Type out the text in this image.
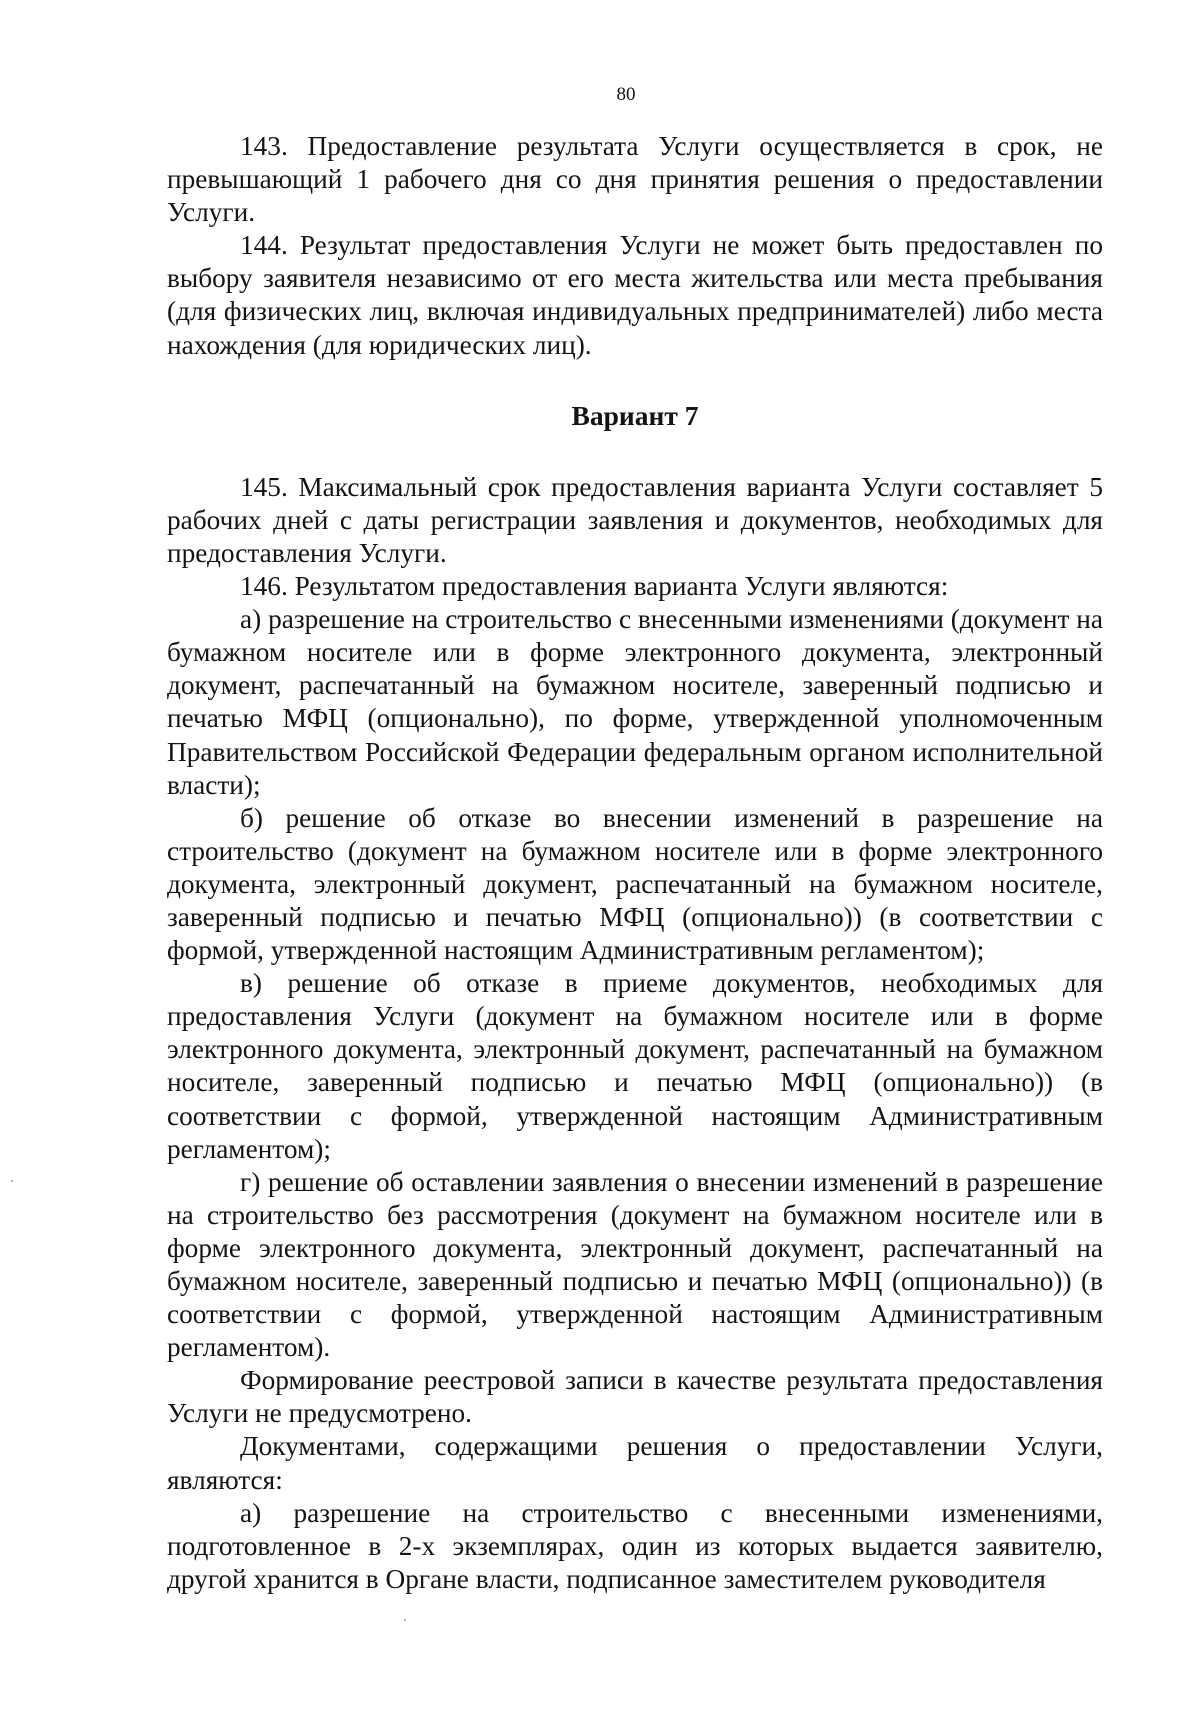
80

143. Предоставление результата Услуги осуществляется в срок, не превышающий 1 рабочего дня со дня принятия решения о предоставлении Услуги.

144. Результат предоставления Услуги не может быть предоставлен по выбору заявителя независимо от его места жительства или места пребывания (для физических лиц, включая индивидуальных предпринимателей) либо места нахождения (для юридических лиц).

Вариант 7

145. Максимальный срок предоставления варианта Услуги составляет 5 рабочих дней с даты регистрации заявления и документов, необходимых для предоставления Услуги.

146. Результатом предоставления варианта Услуги являются:

а) разрешение на строительство с внесенными изменениями (документ на бумажном носителе или в форме электронного документа, электронный документ, распечатанный на бумажном носителе, заверенный подписью и печатью МФЦ (опционально), по форме, утвержденной уполномоченным Правительством Российской Федерации федеральным органом исполнительной власти);

б) решение об отказе во внесении изменений в разрешение на строительство (документ на бумажном носителе или в форме электронного документа, электронный документ, распечатанный на бумажном носителе, заверенный подписью и печатью МФЦ (опционально)) (в соответствии с формой, утвержденной настоящим Административным регламентом);

в) решение об отказе в приеме документов, необходимых для предоставления Услуги (документ на бумажном носителе или в форме электронного документа, электронный документ, распечатанный на бумажном носителе, заверенный подписью и печатью МФЦ (опционально)) (в соответствии с формой, утвержденной настоящим Административным регламентом);

г) решение об оставлении заявления о внесении изменений в разрешение на строительство без рассмотрения (документ на бумажном носителе или в форме электронного документа, электронный документ, распечатанный на бумажном носителе, заверенный подписью и печатью МФЦ (опционально)) (в соответствии с формой, утвержденной настоящим Административным регламентом).

Формирование реестровой записи в качестве результата предоставления Услуги не предусмотрено.

Документами, содержащими решения о предоставлении Услуги, являются:

а) разрешение на строительство с внесенными изменениями, подготовленное в 2-х экземплярах, один из которых выдается заявителю, другой хранится в Органе власти, подписанное заместителем руководителя
